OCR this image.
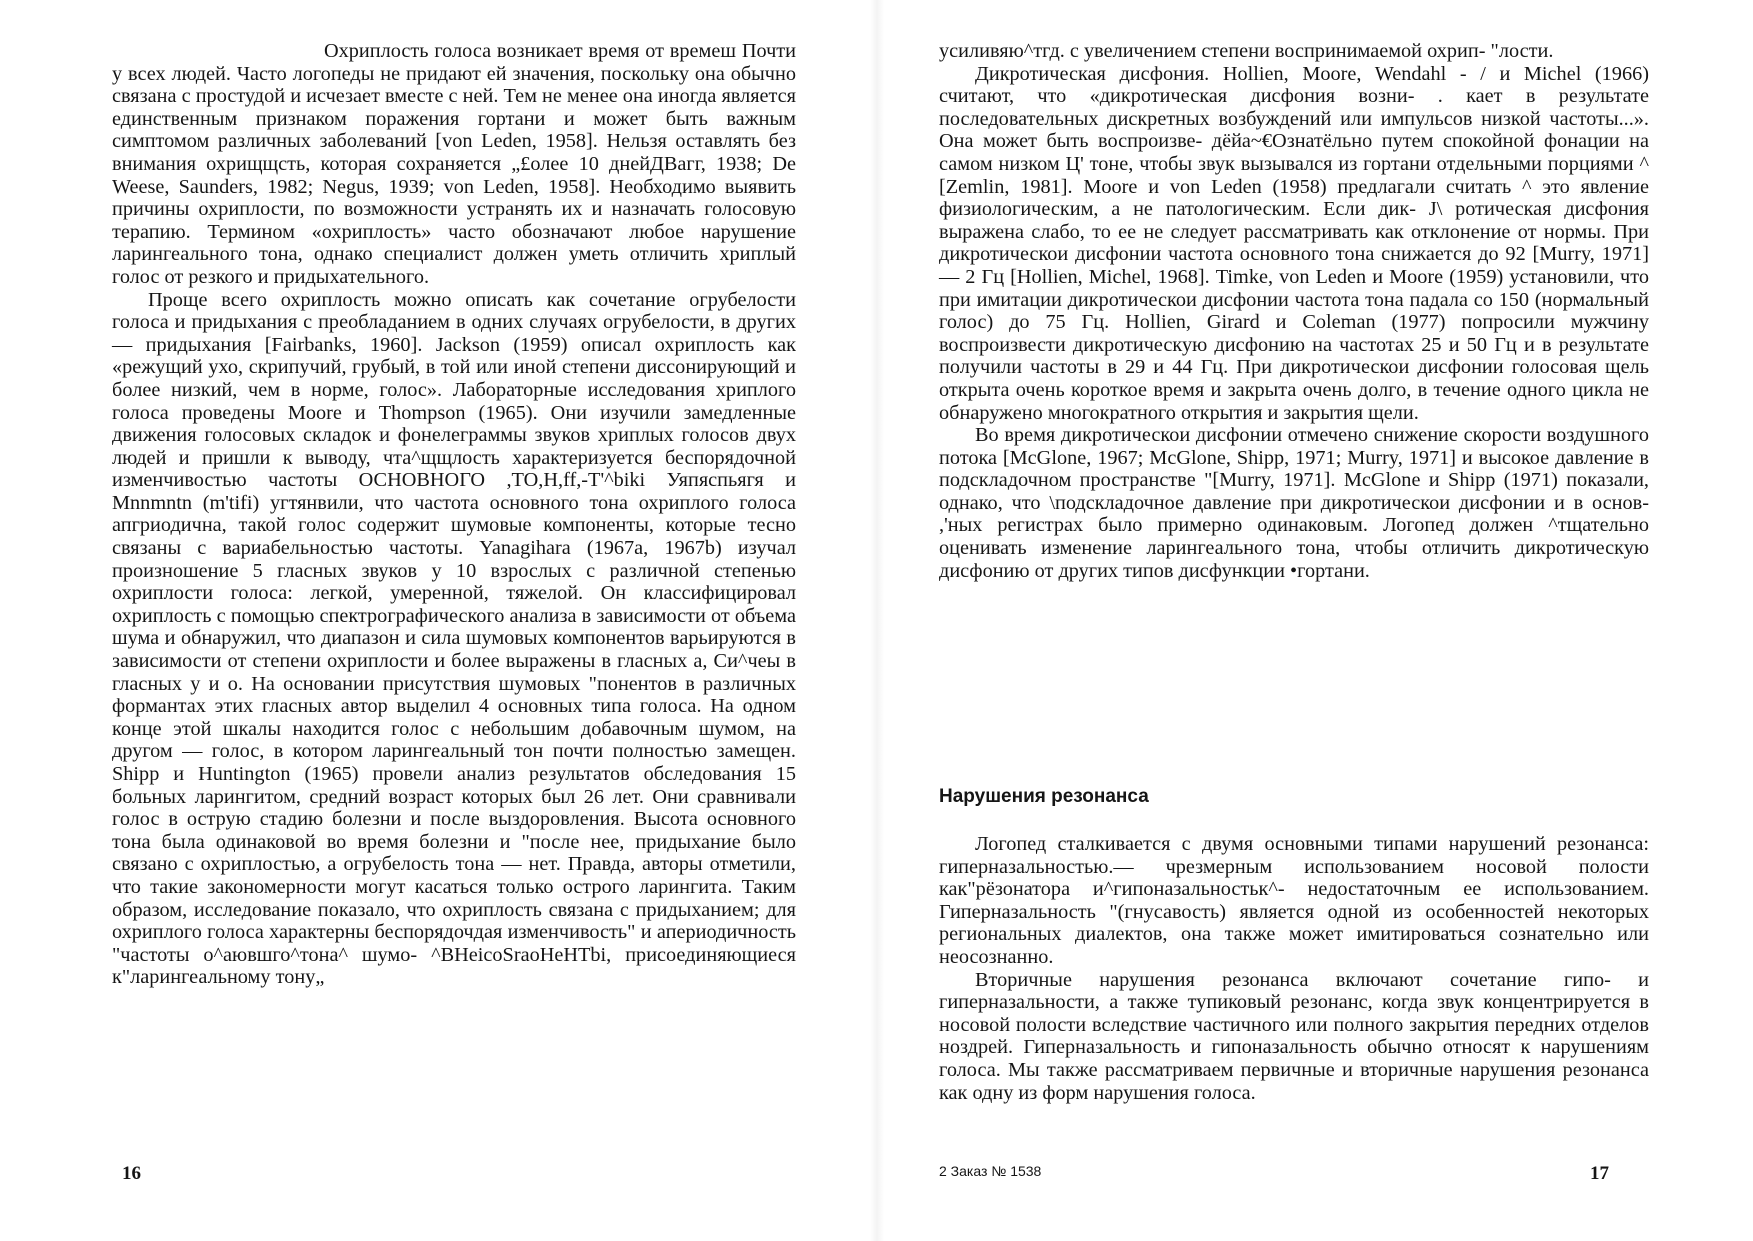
Охриплость голоса возникает время от времеш Почти у всех людей. Часто логопеды не придают ей значения, поскольку она обычно связана с простудой и исчезает вместе с ней. Тем не менее она иногда является единственным признаком поражения гортани и может быть важным симптомом различных заболеваний [von Leden, 1958]. Нельзя оставлять без внимания охрищщсть, которая сохраняется „£олее 10 днейДВагг, 1938; De Weese, Saunders, 1982; Negus, 1939; von Leden, 1958]. Необходимо выявить причины охриплости, по возможности устранять их и назначать голосовую терапию. Термином «охриплость» часто обозначают любое нарушение ларингеального тона, однако специалист должен уметь отличить хриплый голос от резкого и придыхательного.

Проще всего охриплость можно описать как сочетание огрубелости голоса и придыхания с преобладанием в одних случаях огрубелости, в других — придыхания [Fairbanks, 1960]. Jackson (1959) описал охриплость как «режущий ухо, скрипучий, грубый, в той или иной степени диссонирующий и более низкий, чем в норме, голос». Лабораторные исследования хриплого голоса проведены Moore и Thompson (1965). Они изучили замедленные движения голосовых складок и фонелеграммы звуков хриплых голосов двух людей и пришли к выводу, чта^щщлость характеризуется беспорядочной изменчивостью частоты ОСНОВНОГО ,ТО,Н,ff,-Т'^biki Уяпяспьягя и Mnnmntn (m'tifi) угтянвили, что частота основного тона охриплого голоса апгриодична, такой голос содержит шумовые компоненты, которые тесно связаны с вариабельностью частоты. Yanagihara (1967а, 1967b) изучал произношение 5 гласных звуков у 10 взрослых с различной степенью охриплости голоса: легкой, умеренной, тяжелой. Он классифицировал охриплость с помощью спектрографического анализа в зависимости от объема шума и обнаружил, что диапазон и сила шумовых компонентов варьируются в зависимости от степени охриплости и более выражены в гласных а, Си^чеы в гласных у и о. На основании присутствия шумовых "понентов в различных формантах этих гласных автор выделил 4 основных типа голоса. На одном конце этой шкалы находится голос с небольшим добавочным шумом, на другом — голос, в котором ларингеальный тон почти полностью замещен. Shipp и Huntington (1965) провели анализ результатов обследования 15 больных ларингитом, средний возраст которых был 26 лет. Они сравнивали голос в острую стадию болезни и после выздоровления. Высота основного тона была одинаковой во время болезни и "после нее, придыхание было связано с охриплостью, а огрубелость тона — нет. Правда, авторы отметили, что такие закономерности могут касаться только острого ларингита. Таким образом, исследование показало, что охриплость связана с придыханием; для охриплого голоса характерны беспорядочдая изменчивость" и апериодичность "частоты о^аювшго^тона^ шумо- ^BHeicoSraoHeHTbi, присоединяющиеся к"ларингеальному тону„

16

усиливяю^тгд. с увеличением степени воспринимаемой охрип- "лости.

Дикротическая дисфония. Hollien, Moore, Wendahl - / и Michel (1966) считают, что «дикротическая дисфония возни- . кает в результате последовательных дискретных возбуждений или импульсов низкой частоты...». Она может быть воспроизве- дёйа~€Ознатёльно путем спокойной фонации на самом низком Ц' тоне, чтобы звук вызывался из гортани отдельными порциями ^ [Zemlin, 1981]. Moore и von Leden (1958) предлагали считать ^ это явление физиологическим, а не патологическим. Если дик- J\ ротическая дисфония выражена слабо, то ее не следует рассматривать как отклонение от нормы. При дикротическои дисфонии частота основного тона снижается до 92 [Murry, 1971] — 2 Гц [Hollien, Michel, 1968]. Timke, von Leden и Moore (1959) установили, что при имитации дикротическои дисфонии частота тона падала со 150 (нормальный голос) до 75 Гц. Hollien, Girard и Coleman (1977) попросили мужчину воспроизвести дикротическую дисфонию на частотах 25 и 50 Гц и в результате получили частоты в 29 и 44 Гц. При дикротическои дисфонии голосовая щель открыта очень короткое время и закрыта очень долго, в течение одного цикла не обнаружено многократного открытия и закрытия щели.

Во время дикротическои дисфонии отмечено снижение скорости воздушного потока [McGlone, 1967; McGlone, Shipp, 1971; Murry, 1971] и высокое давление в подскладочном пространстве "[Murry, 1971]. McGlone и Shipp (1971) показали, однако, что \подскладочное давление при дикротическои дисфонии и в основ- ,'ных регистрах было примерно одинаковым. Логопед должен ^тщательно оценивать изменение ларингеального тона, чтобы отличить дикротическую дисфонию от других типов дисфункции •гортани.

Нарушения резонанса

Логопед сталкивается с двумя основными типами нарушений резонанса: гиперназальностью.— чрезмерным использованием носовой полости как"рёзонатора и^гипоназальностьк^- недостаточным ее использованием. Гиперназальность "(гнусавость) является одной из особенностей некоторых региональных диалектов, она также может имитироваться сознательно или неосознанно.

Вторичные нарушения резонанса включают сочетание гипо- и гиперназальности, а также тупиковый резонанс, когда звук концентрируется в носовой полости вследствие частичного или полного закрытия передних отделов ноздрей. Гиперназальность и гипоназальность обычно относят к нарушениям голоса. Мы также рассматриваем первичные и вторичные нарушения резонанса как одну из форм нарушения голоса.

2 Заказ № 1538	17
